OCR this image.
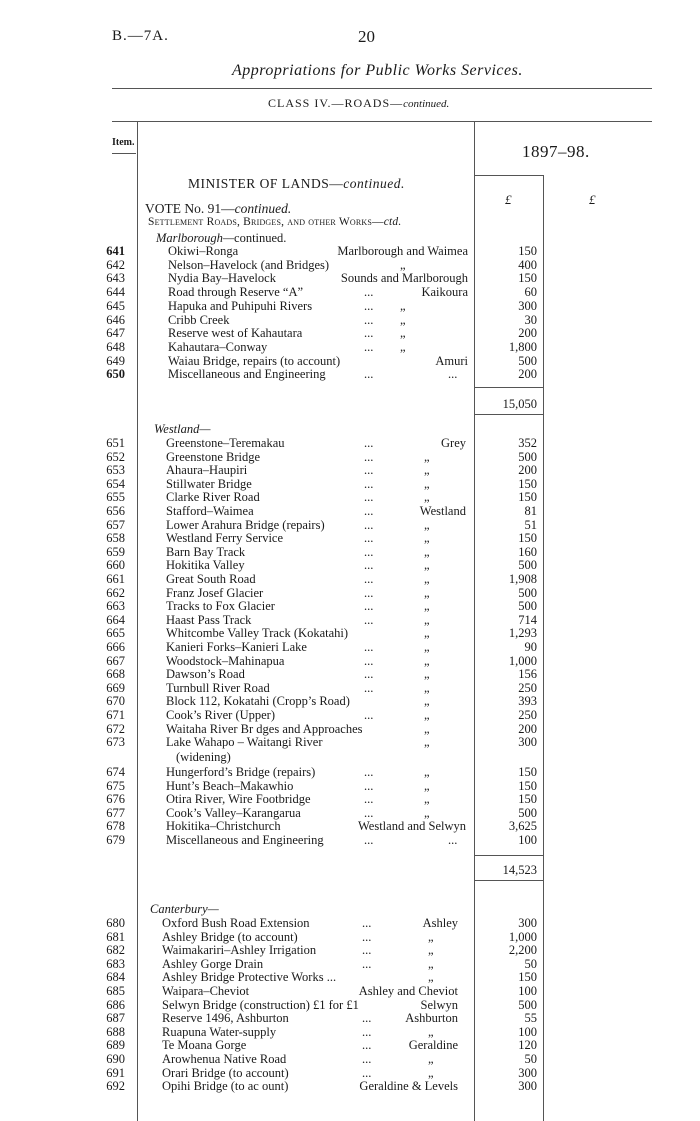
B.—7A.	20
Appropriations for Public Works Services.
CLASS IV.—ROADS—continued.
Item.	1897–98.
£	£
MINISTER OF LANDS—continued.
VOTE No. 91—continued.
Settlement Roads, Bridges, and other Works—ctd.
Marlborough—continued.
641	Okiwi–Ronga	Marlborough and Waimea	150
642	Nelson–Havelock (and Bridges)	„	400
643	Nydia Bay–Havelock	Sounds and Marlborough	150
644	Road through Reserve “A”	...	Kaikoura	60
645	Hapuka and Puhipuhi Rivers	... „	300
646	Cribb Creek	... „	30
647	Reserve west of Kahautara	... „	200
648	Kahautara–Conway	... „	1,800
649	Waiau Bridge, repairs (to account)	Amuri	500
650	Miscellaneous and Engineering	...	...	200
15,050
Westland—
651	Greenstone–Teremakau	...	Grey	352
652	Greenstone Bridge	...	„	500
653	Ahaura–Haupiri	...	„	200
654	Stillwater Bridge	...	„	150
655	Clarke River Road	...	„	150
656	Stafford–Waimea	...	Westland	81
657	Lower Arahura Bridge (repairs)	...	„	51
658	Westland Ferry Service	...	„	150
659	Barn Bay Track	...	„	160
660	Hokitika Valley	...	„	500
661	Great South Road	...	„	1,908
662	Franz Josef Glacier	...	„	500
663	Tracks to Fox Glacier	...	„	500
664	Haast Pass Track	...	„	714
665	Whitcombe Valley Track (Kokatahi)	„	1,293
666	Kanieri Forks–Kanieri Lake	...	„	90
667	Woodstock–Mahinapua	...	„	1,000
668	Dawson’s Road	...	„	156
669	Turnbull River Road	...	„	250
670	Block 112, Kokatahi (Cropp’s Road)	„	393
671	Cook’s River (Upper)	...	„	250
672	Waitaha River Br dges and Approaches	„	200
673	Lake Wahapo – Waitangi River	„	300
(widening)
674	Hungerford’s Bridge (repairs)	...	„	150
675	Hunt’s Beach–Makawhio	...	„	150
676	Otira River, Wire Footbridge	...	„	150
677	Cook’s Valley–Karangarua	...	„	500
678	Hokitika–Christchurch	Westland and Selwyn	3,625
679	Miscellaneous and Engineering	...	...	100
14,523
Canterbury—
680	Oxford Bush Road Extension	...	Ashley	300
681	Ashley Bridge (to account)	...	„	1,000
682	Waimakariri–Ashley Irrigation	...	„	2,200
683	Ashley Gorge Drain	...	„	50
684	Ashley Bridge Protective Works ...	„	150
685	Waipara–Cheviot	Ashley and Cheviot	100
686	Selwyn Bridge (construction) £1 for £1	Selwyn	500
687	Reserve 1496, Ashburton	...	Ashburton	55
688	Ruapuna Water-supply	...	„	100
689	Te Moana Gorge	...	Geraldine	120
690	Arowhenua Native Road	...	„	50
691	Orari Bridge (to account)	...	„	300
692	Opihi Bridge (to ac ount)	Geraldine & Levels	300
